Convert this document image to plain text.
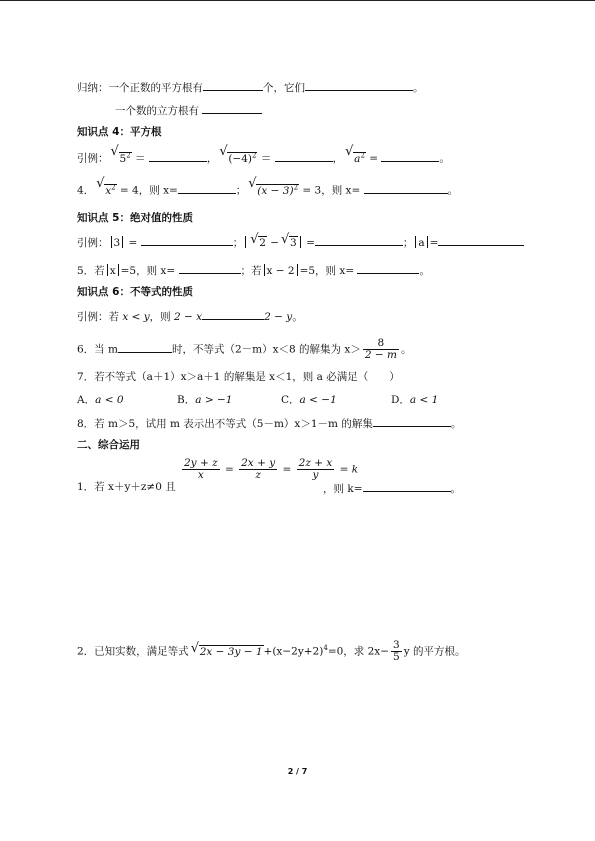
归纳：一个正数的平方根有	个，它们	。
一个数的立方根有
知识点 4：平方根
引例： √ $5^2$ ＝	， √ $(-4)^2$ ＝	， √ $a^2$ =	。
4． √ $x^2 = 4$，则 x=	； √ $(x - 3)^2 = 3$，则 x=	。
知识点 5：绝对值的性质
引例： 3 =	； √ 2 − √ 3 =	； a =
5．若 x =5，则 x=	；若 x − 2 =5，则 x=	。
知识点 6：不等式的性质
引例：若 x < y，则 2 − x	2 − y。
6．当 m	时，不等式（2－m）x＜8 的解集为 $x> \frac{8}{2 - m}$ 。
7．若不等式（a＋1）x＞a＋1 的解集是 x＜1，则 a 必满足（　　）
A．a < 0	B．a > −1	C．a < −1	D．a < 1
8．若 m＞5，试用 m 表示出不等式（5－m）x＞1－m 的解集	。
二、综合运用
1．若 x＋y＋z≠0 且
$\frac{2y + z}{x} = \frac{2x + y}{z} = \frac{2z + x}{y} = k$
，则 k=	。
2．已知实数，满足等式 √ $2x - 3y - 1+(x-2y+2)^4=0$，求 $2x- \frac{3}{5}$ y 的平方根。
2 / 7
